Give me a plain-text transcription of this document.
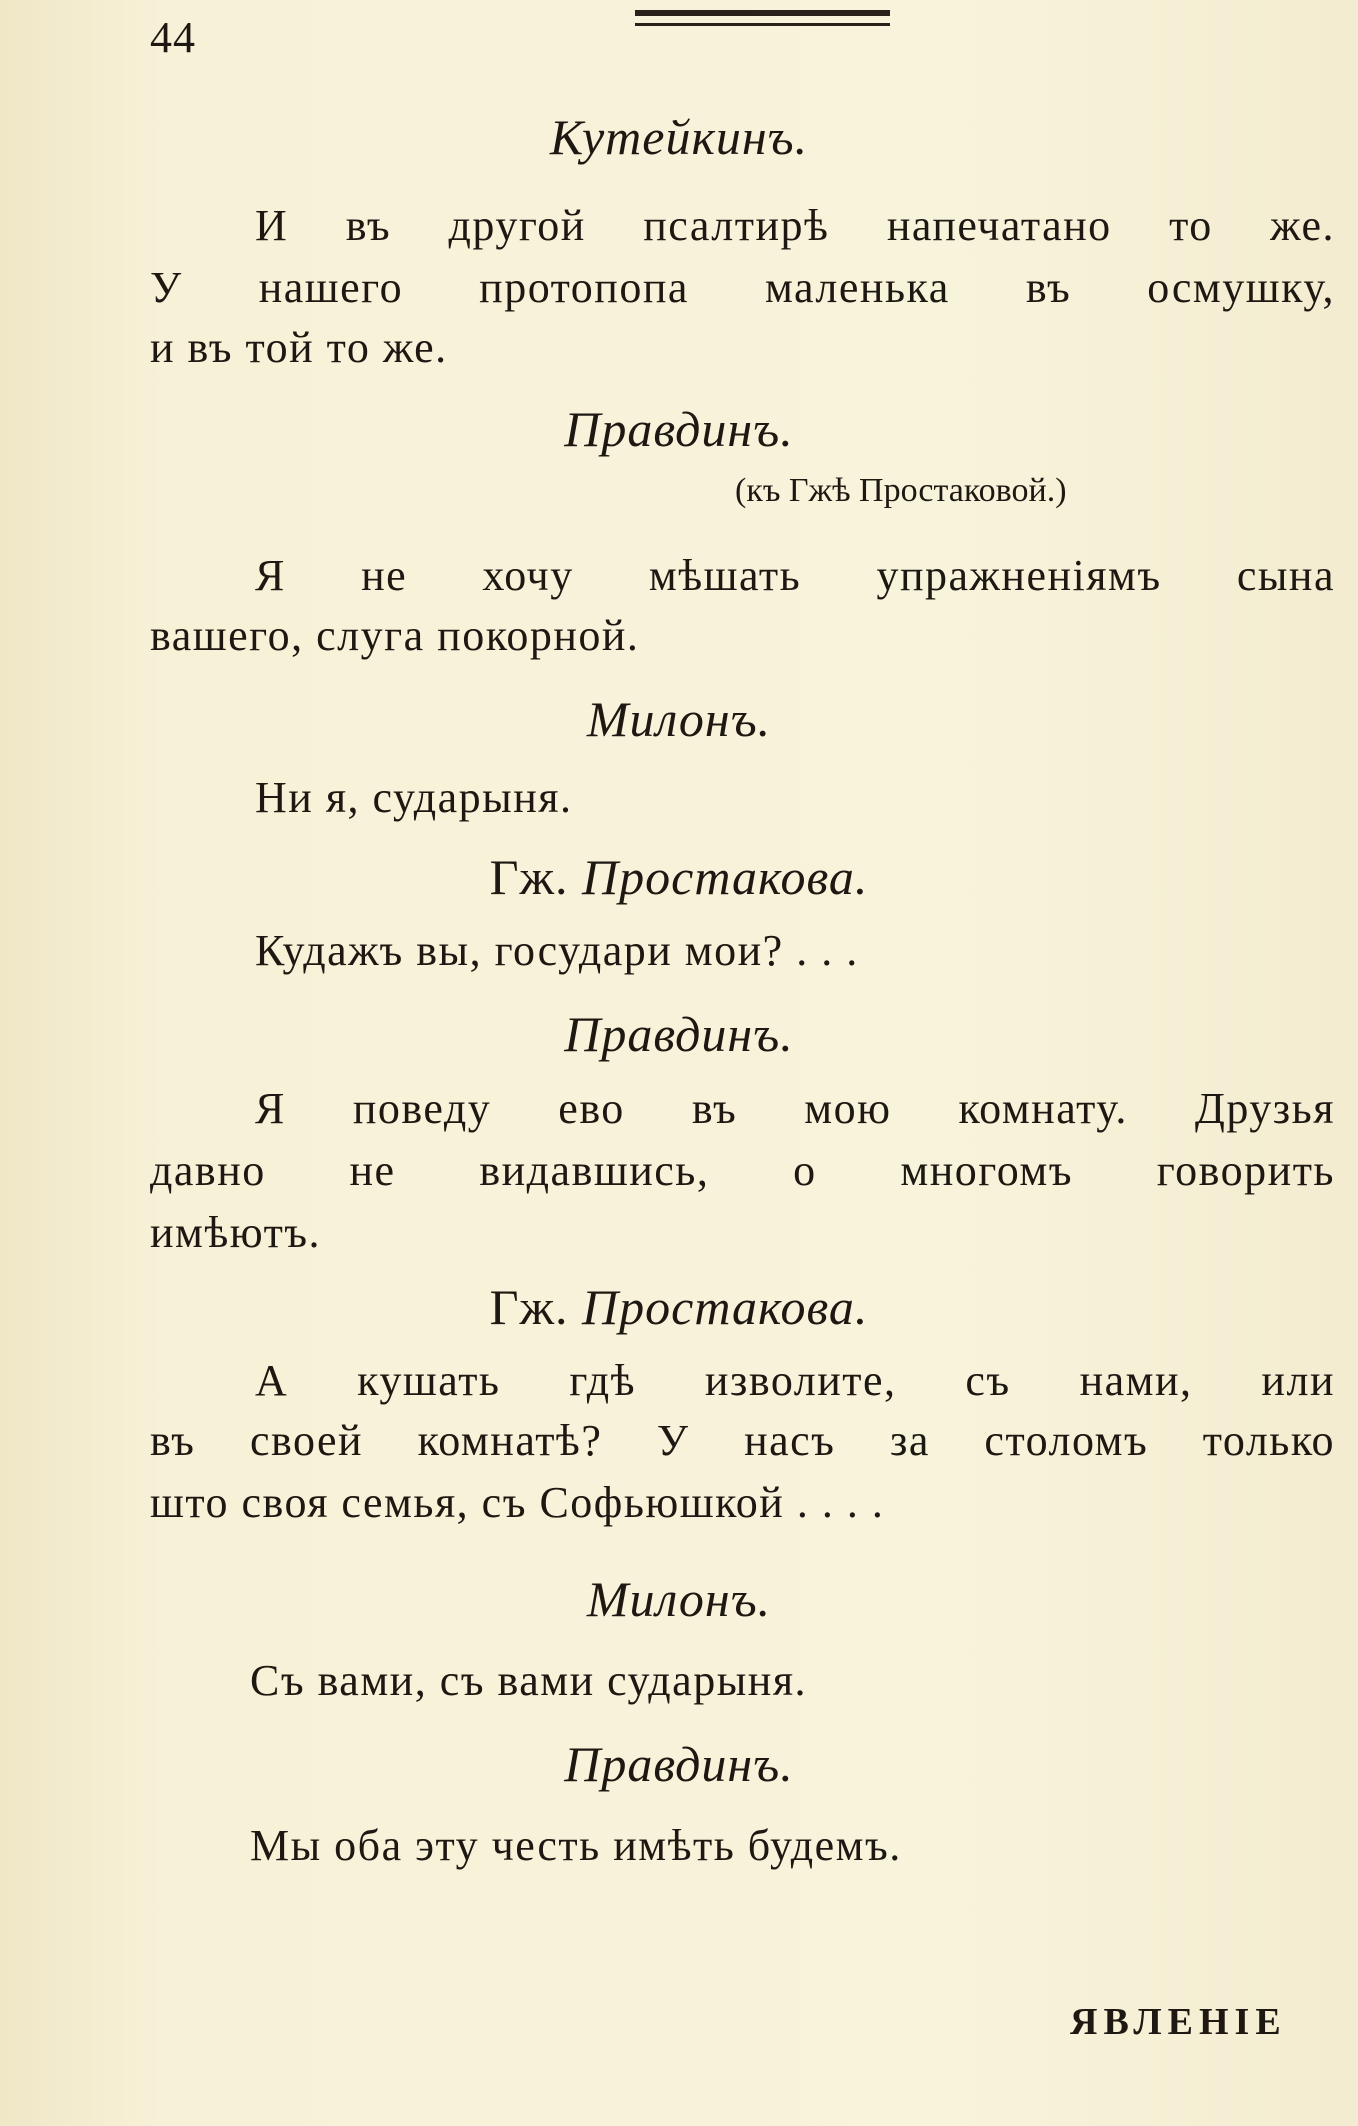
44
Кутейкинъ.
И въ другой псалтирѣ напечатано то же.
У нашего протопопа маленька въ осмушку,
и въ той то же.
Правдинъ.
(къ Гжѣ Простаковой.)
Я не хочу мѣшать упражненіямъ сына
вашего, слуга покорной.
Милонъ.
Ни я, сударыня.
Гж. Простакова.
Кудажъ вы, государи мои? . . .
Правдинъ.
Я поведу ево въ мою комнату. Друзья
давно не видавшись, о многомъ говорить
имѣютъ.
Гж. Простакова.
А кушать гдѣ изволите, съ нами, или
въ своей комнатѣ? У насъ за столомъ только
што своя семья, съ Софьюшкой . . . .
Милонъ.
Съ вами, съ вами сударыня.
Правдинъ.
Мы оба эту честь имѣть будемъ.
ЯВЛЕНІЕ
